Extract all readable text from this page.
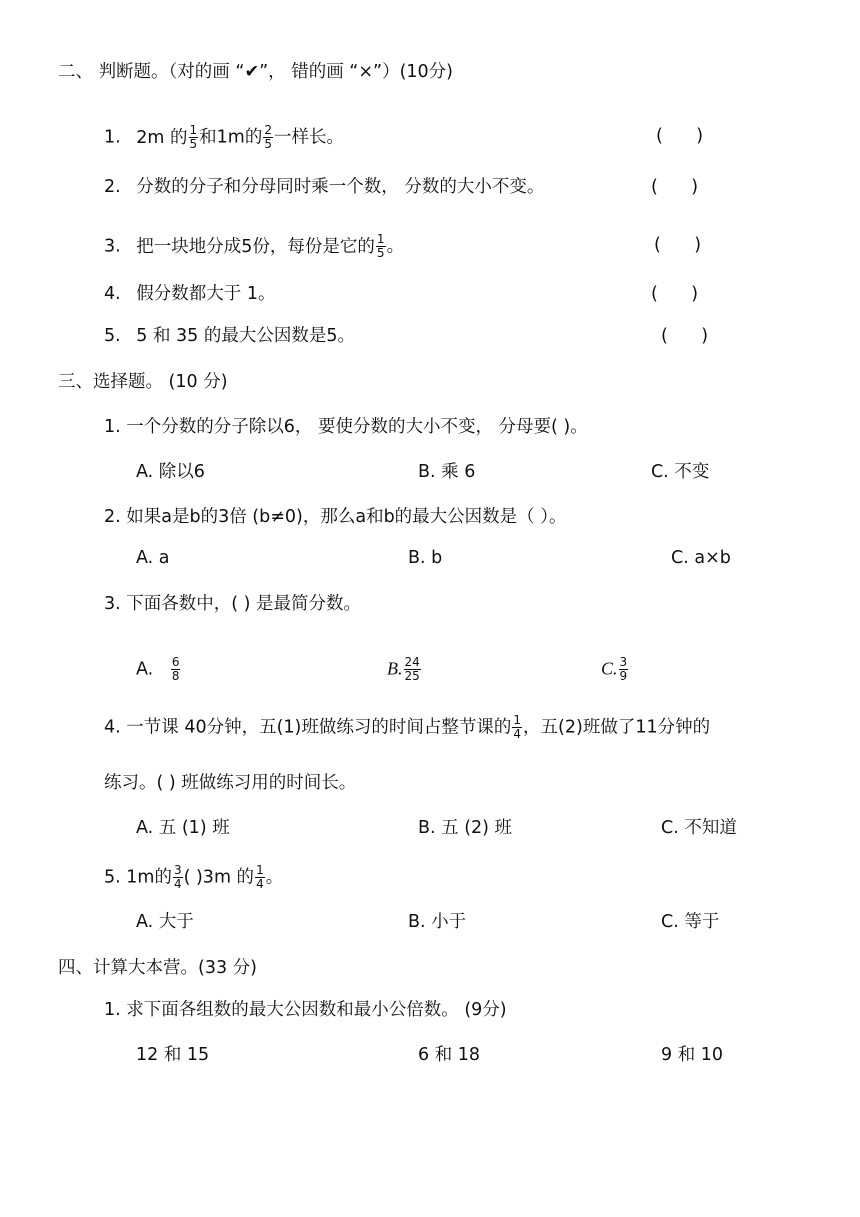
二、 判断题。（对的画 “✔”， 错的画 “×”）(10分)
1. 2m 的 $\frac{1}{5}$ 和1m的 $\frac{2}{5}$ 一样长。	(      )
2. 分数的分子和分母同时乘一个数， 分数的大小不变。	(      )
3. 把一块地分成5份，每份是它的 $\frac{1}{5}$ 。	(      )
4. 假分数都大于 1。	(      )
5. 5 和 35 的最大公因数是5。	(      )
三、选择题。 (10 分)
1. 一个分数的分子除以6， 要使分数的大小不变， 分母要( )。
A. 除以6	B. 乘 6	C. 不变
2. 如果a是b的3倍 (b≠0)，那么a和b的最大公因数是（ ）。
A. a	B. b	C. a×b
3. 下面各数中，( ) 是最简分数。
A. $\frac{6}{8}$	B. $\frac{24}{25}$	C. $\frac{3}{9}$
4. 一节课 40分钟，五(1)班做练习的时间占整节课的 $\frac{1}{4}$ ，五(2)班做了11分钟的
练习。( ) 班做练习用的时间长。
A. 五 (1) 班	B. 五 (2) 班	C. 不知道
5. 1m的 $\frac{3}{4}$ ( )3m 的 $\frac{1}{4}$ 。
A. 大于	B. 小于	C. 等于
四、计算大本营。(33 分)
1. 求下面各组数的最大公因数和最小公倍数。 (9分)
12 和 15	6 和 18	9 和 10
